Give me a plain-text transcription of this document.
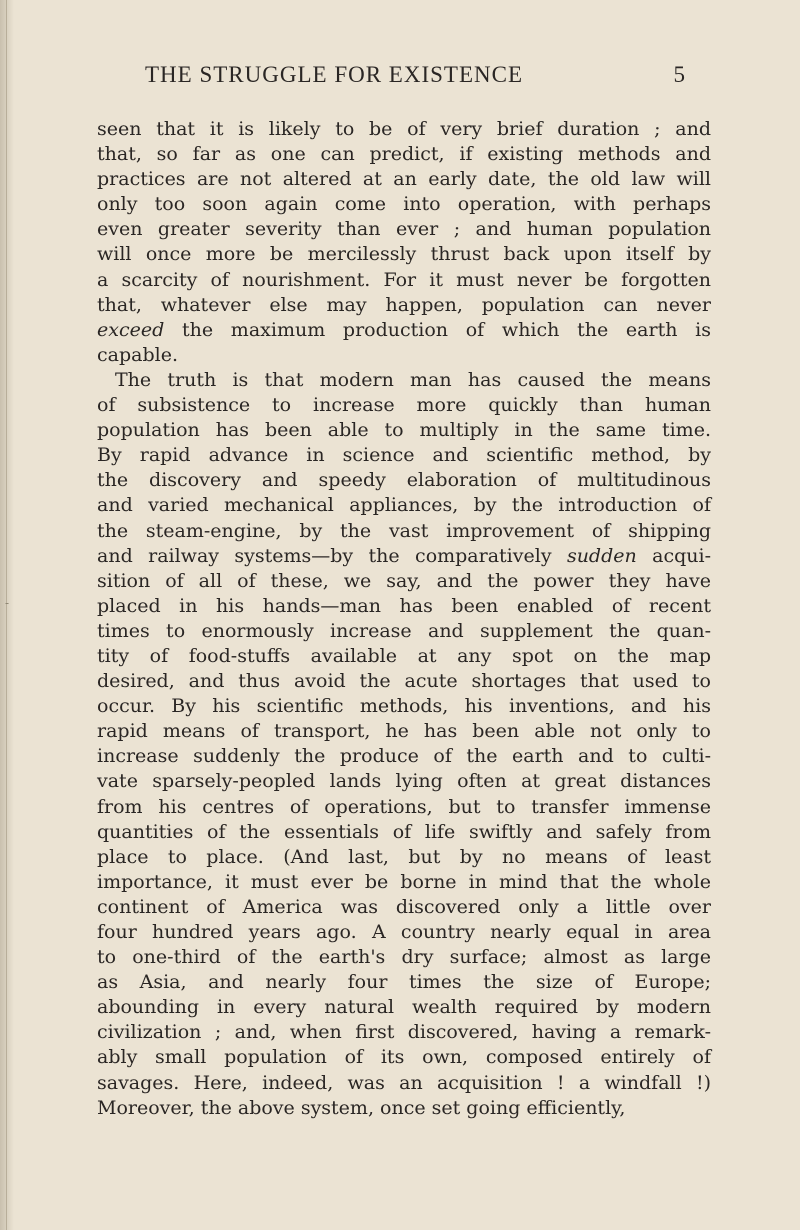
-
THE STRUGGLE FOR EXISTENCE	5
seen that it is likely to be of very brief duration ; and
that, so far as one can predict, if existing methods and
practices are not altered at an early date, the old law will
only too soon again come into operation, with perhaps
even greater severity than ever ; and human population
will once more be mercilessly thrust back upon itself by
a scarcity of nourishment. For it must never be forgotten
that, whatever else may happen, population can never
exceed the maximum production of which the earth is
capable.
The truth is that modern man has caused the means
of subsistence to increase more quickly than human
population has been able to multiply in the same time.
By rapid advance in science and scientific method, by
the discovery and speedy elaboration of multitudinous
and varied mechanical appliances, by the introduction of
the steam-engine, by the vast improvement of shipping
and railway systems—by the comparatively sudden acqui-
sition of all of these, we say, and the power they have
placed in his hands—man has been enabled of recent
times to enormously increase and supplement the quan-
tity of food-stuffs available at any spot on the map
desired, and thus avoid the acute shortages that used to
occur. By his scientific methods, his inventions, and his
rapid means of transport, he has been able not only to
increase suddenly the produce of the earth and to culti-
vate sparsely-peopled lands lying often at great distances
from his centres of operations, but to transfer immense
quantities of the essentials of life swiftly and safely from
place to place. (And last, but by no means of least
importance, it must ever be borne in mind that the whole
continent of America was discovered only a little over
four hundred years ago. A country nearly equal in area
to one-third of the earth's dry surface; almost as large
as Asia, and nearly four times the size of Europe;
abounding in every natural wealth required by modern
civilization ; and, when first discovered, having a remark-
ably small population of its own, composed entirely of
savages. Here, indeed, was an acquisition ! a windfall !)
Moreover, the above system, once set going efficiently,
